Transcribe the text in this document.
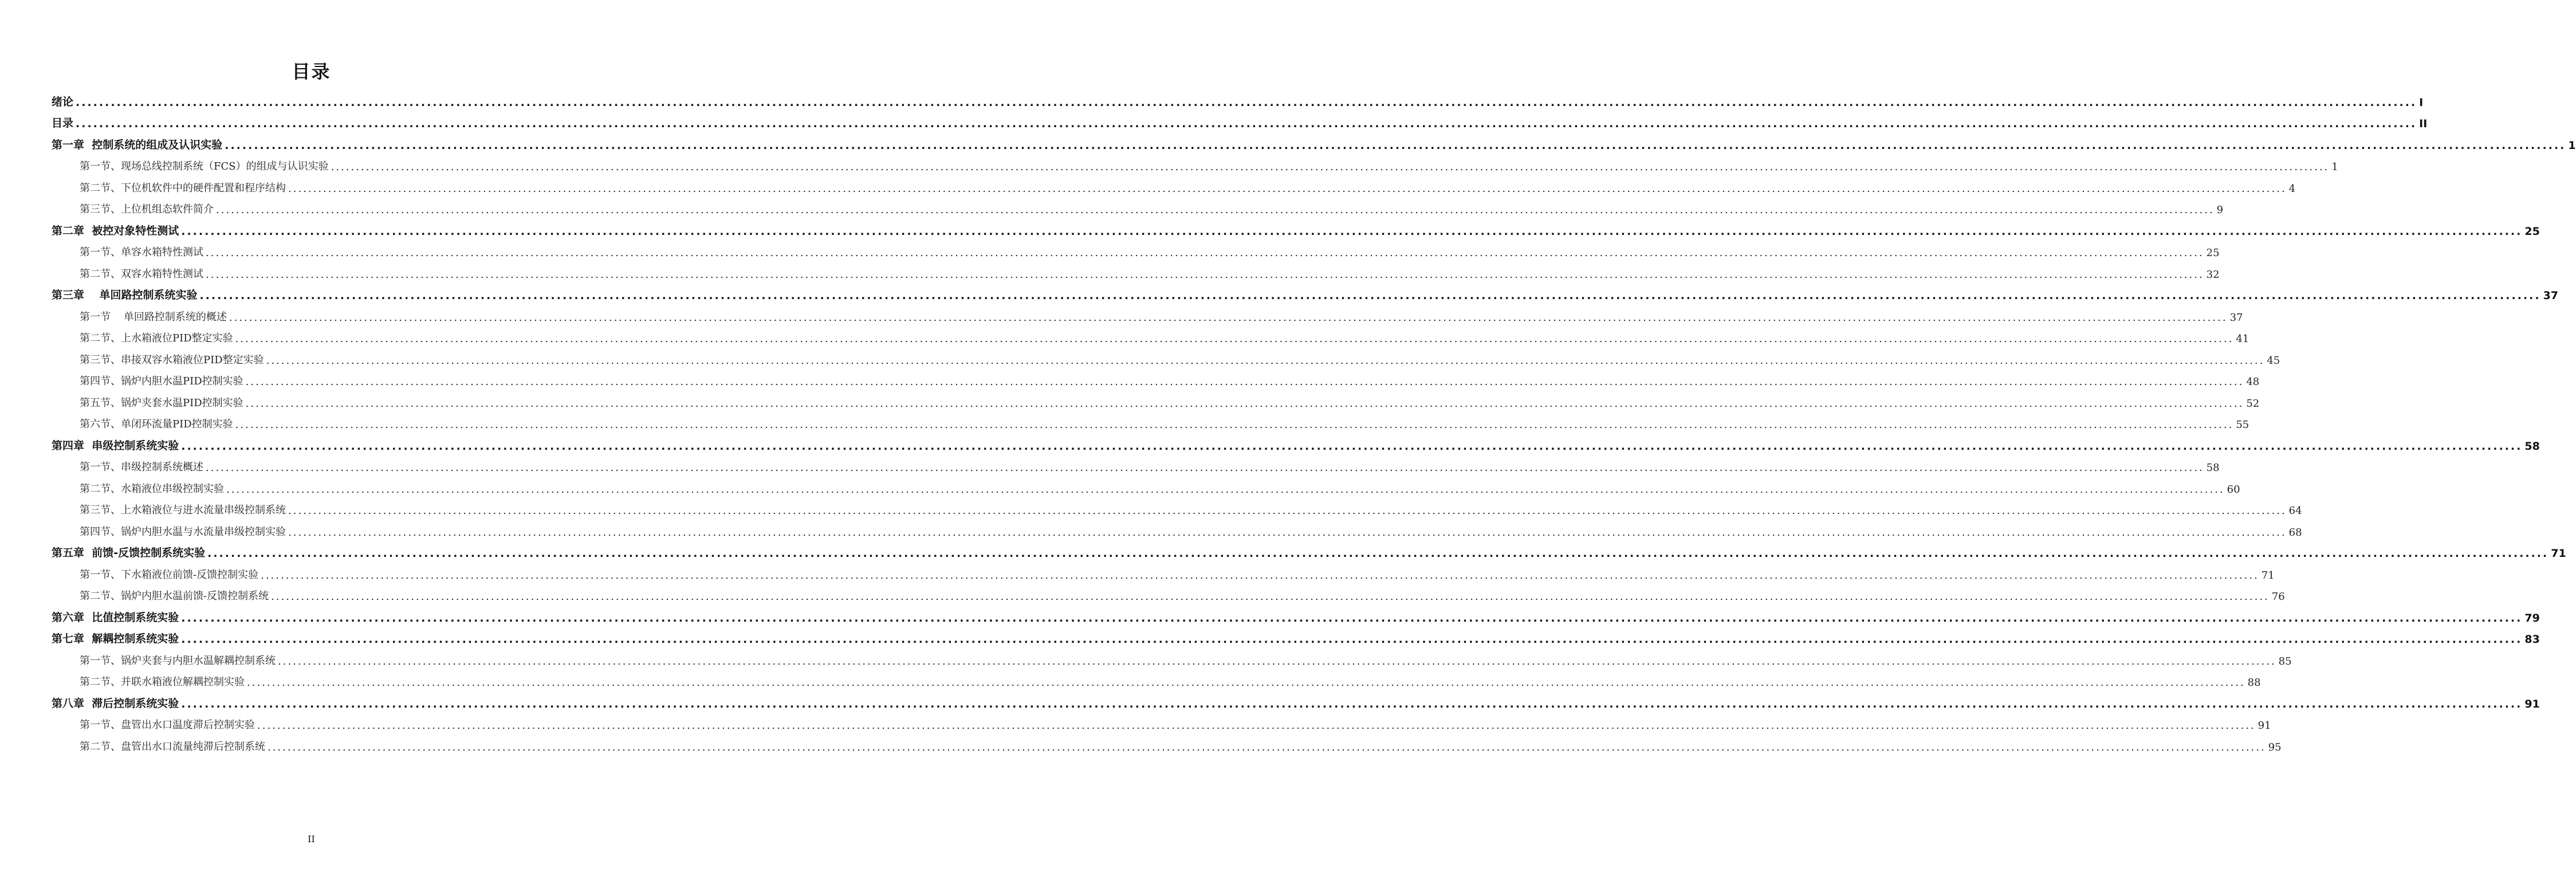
目录
绪论 ................................................................................................................................................................................................................................................................................................................................................................................................................ I
目录 ................................................................................................................................................................................................................................................................................................................................................................................................................ II
第一章  控制系统的组成及认识实验 ................................................................................................................................................................................................................................................................................................................................................................................................................ 1
第一节、现场总线控制系统（FCS）的组成与认识实验 ................................................................................................................................................................................................................................................................................................................................................................................................................ 1
第二节、下位机软件中的硬件配置和程序结构 ................................................................................................................................................................................................................................................................................................................................................................................................................ 4
第三节、上位机组态软件简介 ................................................................................................................................................................................................................................................................................................................................................................................................................ 9
第二章  被控对象特性测试 ................................................................................................................................................................................................................................................................................................................................................................................................................ 25
第一节、单容水箱特性测试 ................................................................................................................................................................................................................................................................................................................................................................................................................ 25
第二节、双容水箱特性测试 ................................................................................................................................................................................................................................................................................................................................................................................................................ 32
第三章    单回路控制系统实验 ................................................................................................................................................................................................................................................................................................................................................................................................................ 37
第一节    单回路控制系统的概述 ................................................................................................................................................................................................................................................................................................................................................................................................................ 37
第二节、上水箱液位PID整定实验 ................................................................................................................................................................................................................................................................................................................................................................................................................ 41
第三节、串接双容水箱液位PID整定实验 ................................................................................................................................................................................................................................................................................................................................................................................................................ 45
第四节、锅炉内胆水温PID控制实验 ................................................................................................................................................................................................................................................................................................................................................................................................................ 48
第五节、锅炉夹套水温PID控制实验 ................................................................................................................................................................................................................................................................................................................................................................................................................ 52
第六节、单闭环流量PID控制实验 ................................................................................................................................................................................................................................................................................................................................................................................................................ 55
第四章  串级控制系统实验 ................................................................................................................................................................................................................................................................................................................................................................................................................ 58
第一节、串级控制系统概述 ................................................................................................................................................................................................................................................................................................................................................................................................................ 58
第二节、水箱液位串级控制实验 ................................................................................................................................................................................................................................................................................................................................................................................................................ 60
第三节、上水箱液位与进水流量串级控制系统 ................................................................................................................................................................................................................................................................................................................................................................................................................ 64
第四节、锅炉内胆水温与水流量串级控制实验 ................................................................................................................................................................................................................................................................................................................................................................................................................ 68
第五章  前馈-反馈控制系统实验 ................................................................................................................................................................................................................................................................................................................................................................................................................ 71
第一节、下水箱液位前馈-反馈控制实验 ................................................................................................................................................................................................................................................................................................................................................................................................................ 71
第二节、锅炉内胆水温前馈-反馈控制系统 ................................................................................................................................................................................................................................................................................................................................................................................................................ 76
第六章  比值控制系统实验 ................................................................................................................................................................................................................................................................................................................................................................................................................ 79
第七章  解耦控制系统实验 ................................................................................................................................................................................................................................................................................................................................................................................................................ 83
第一节、锅炉夹套与内胆水温解耦控制系统 ................................................................................................................................................................................................................................................................................................................................................................................................................ 85
第二节、并联水箱液位解耦控制实验 ................................................................................................................................................................................................................................................................................................................................................................................................................ 88
第八章  滞后控制系统实验 ................................................................................................................................................................................................................................................................................................................................................................................................................ 91
第一节、盘管出水口温度滞后控制实验 ................................................................................................................................................................................................................................................................................................................................................................................................................ 91
第二节、盘管出水口流量纯滞后控制系统 ................................................................................................................................................................................................................................................................................................................................................................................................................ 95
II
